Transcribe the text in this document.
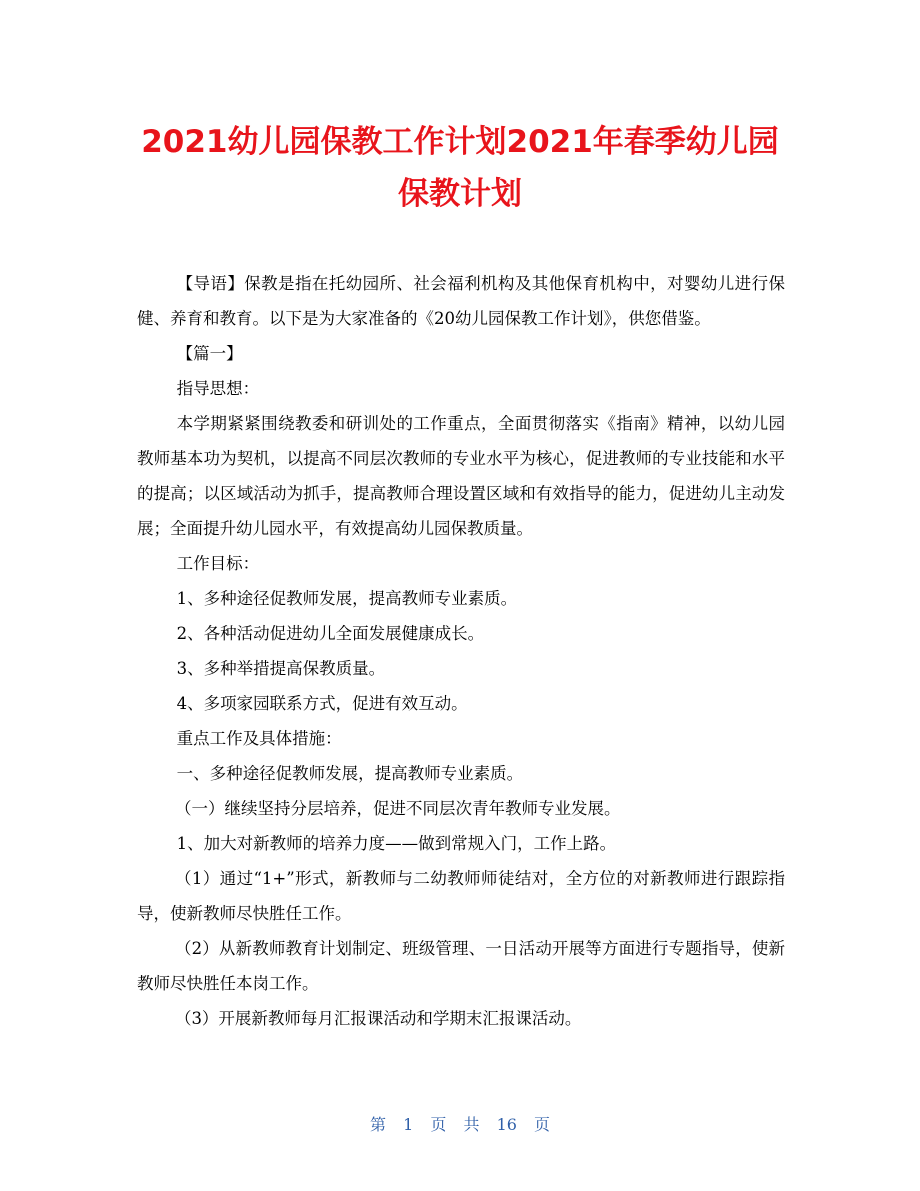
2021幼儿园保教工作计划2021年春季幼儿园
保教计划

【导语】保教是指在托幼园所、社会福利机构及其他保育机构中，对婴幼儿进行保健、养育和教育。以下是为大家准备的《20幼儿园保教工作计划》，供您借鉴。

【篇一】

指导思想：

本学期紧紧围绕教委和研训处的工作重点，全面贯彻落实《指南》精神，以幼儿园教师基本功为契机，以提高不同层次教师的专业水平为核心，促进教师的专业技能和水平的提高；以区域活动为抓手，提高教师合理设置区域和有效指导的能力，促进幼儿主动发展；全面提升幼儿园水平，有效提高幼儿园保教质量。

工作目标：

1、多种途径促教师发展，提高教师专业素质。

2、各种活动促进幼儿全面发展健康成长。

3、多种举措提高保教质量。

4、多项家园联系方式，促进有效互动。

重点工作及具体措施：

一、多种途径促教师发展，提高教师专业素质。

（一）继续坚持分层培养，促进不同层次青年教师专业发展。

1、加大对新教师的培养力度——做到常规入门，工作上路。

（1）通过“1+”形式，新教师与二幼教师师徒结对，全方位的对新教师进行跟踪指导，使新教师尽快胜任工作。

（2）从新教师教育计划制定、班级管理、一日活动开展等方面进行专题指导，使新教师尽快胜任本岗工作。

（3）开展新教师每月汇报课活动和学期末汇报课活动。

第 1 页 共 16 页
